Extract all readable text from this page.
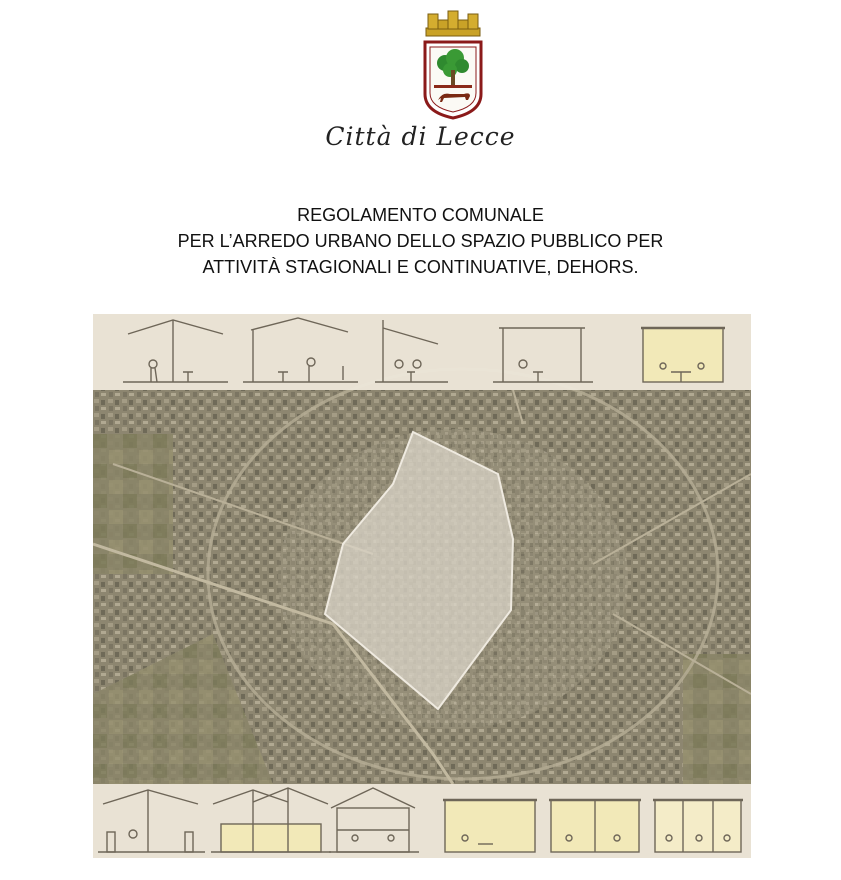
Città di Lecce
REGOLAMENTO COMUNALE
PER L’ARREDO URBANO DELLO SPAZIO PUBBLICO PER
ATTIVITÀ STAGIONALI E CONTINUATIVE, DEHORS.
